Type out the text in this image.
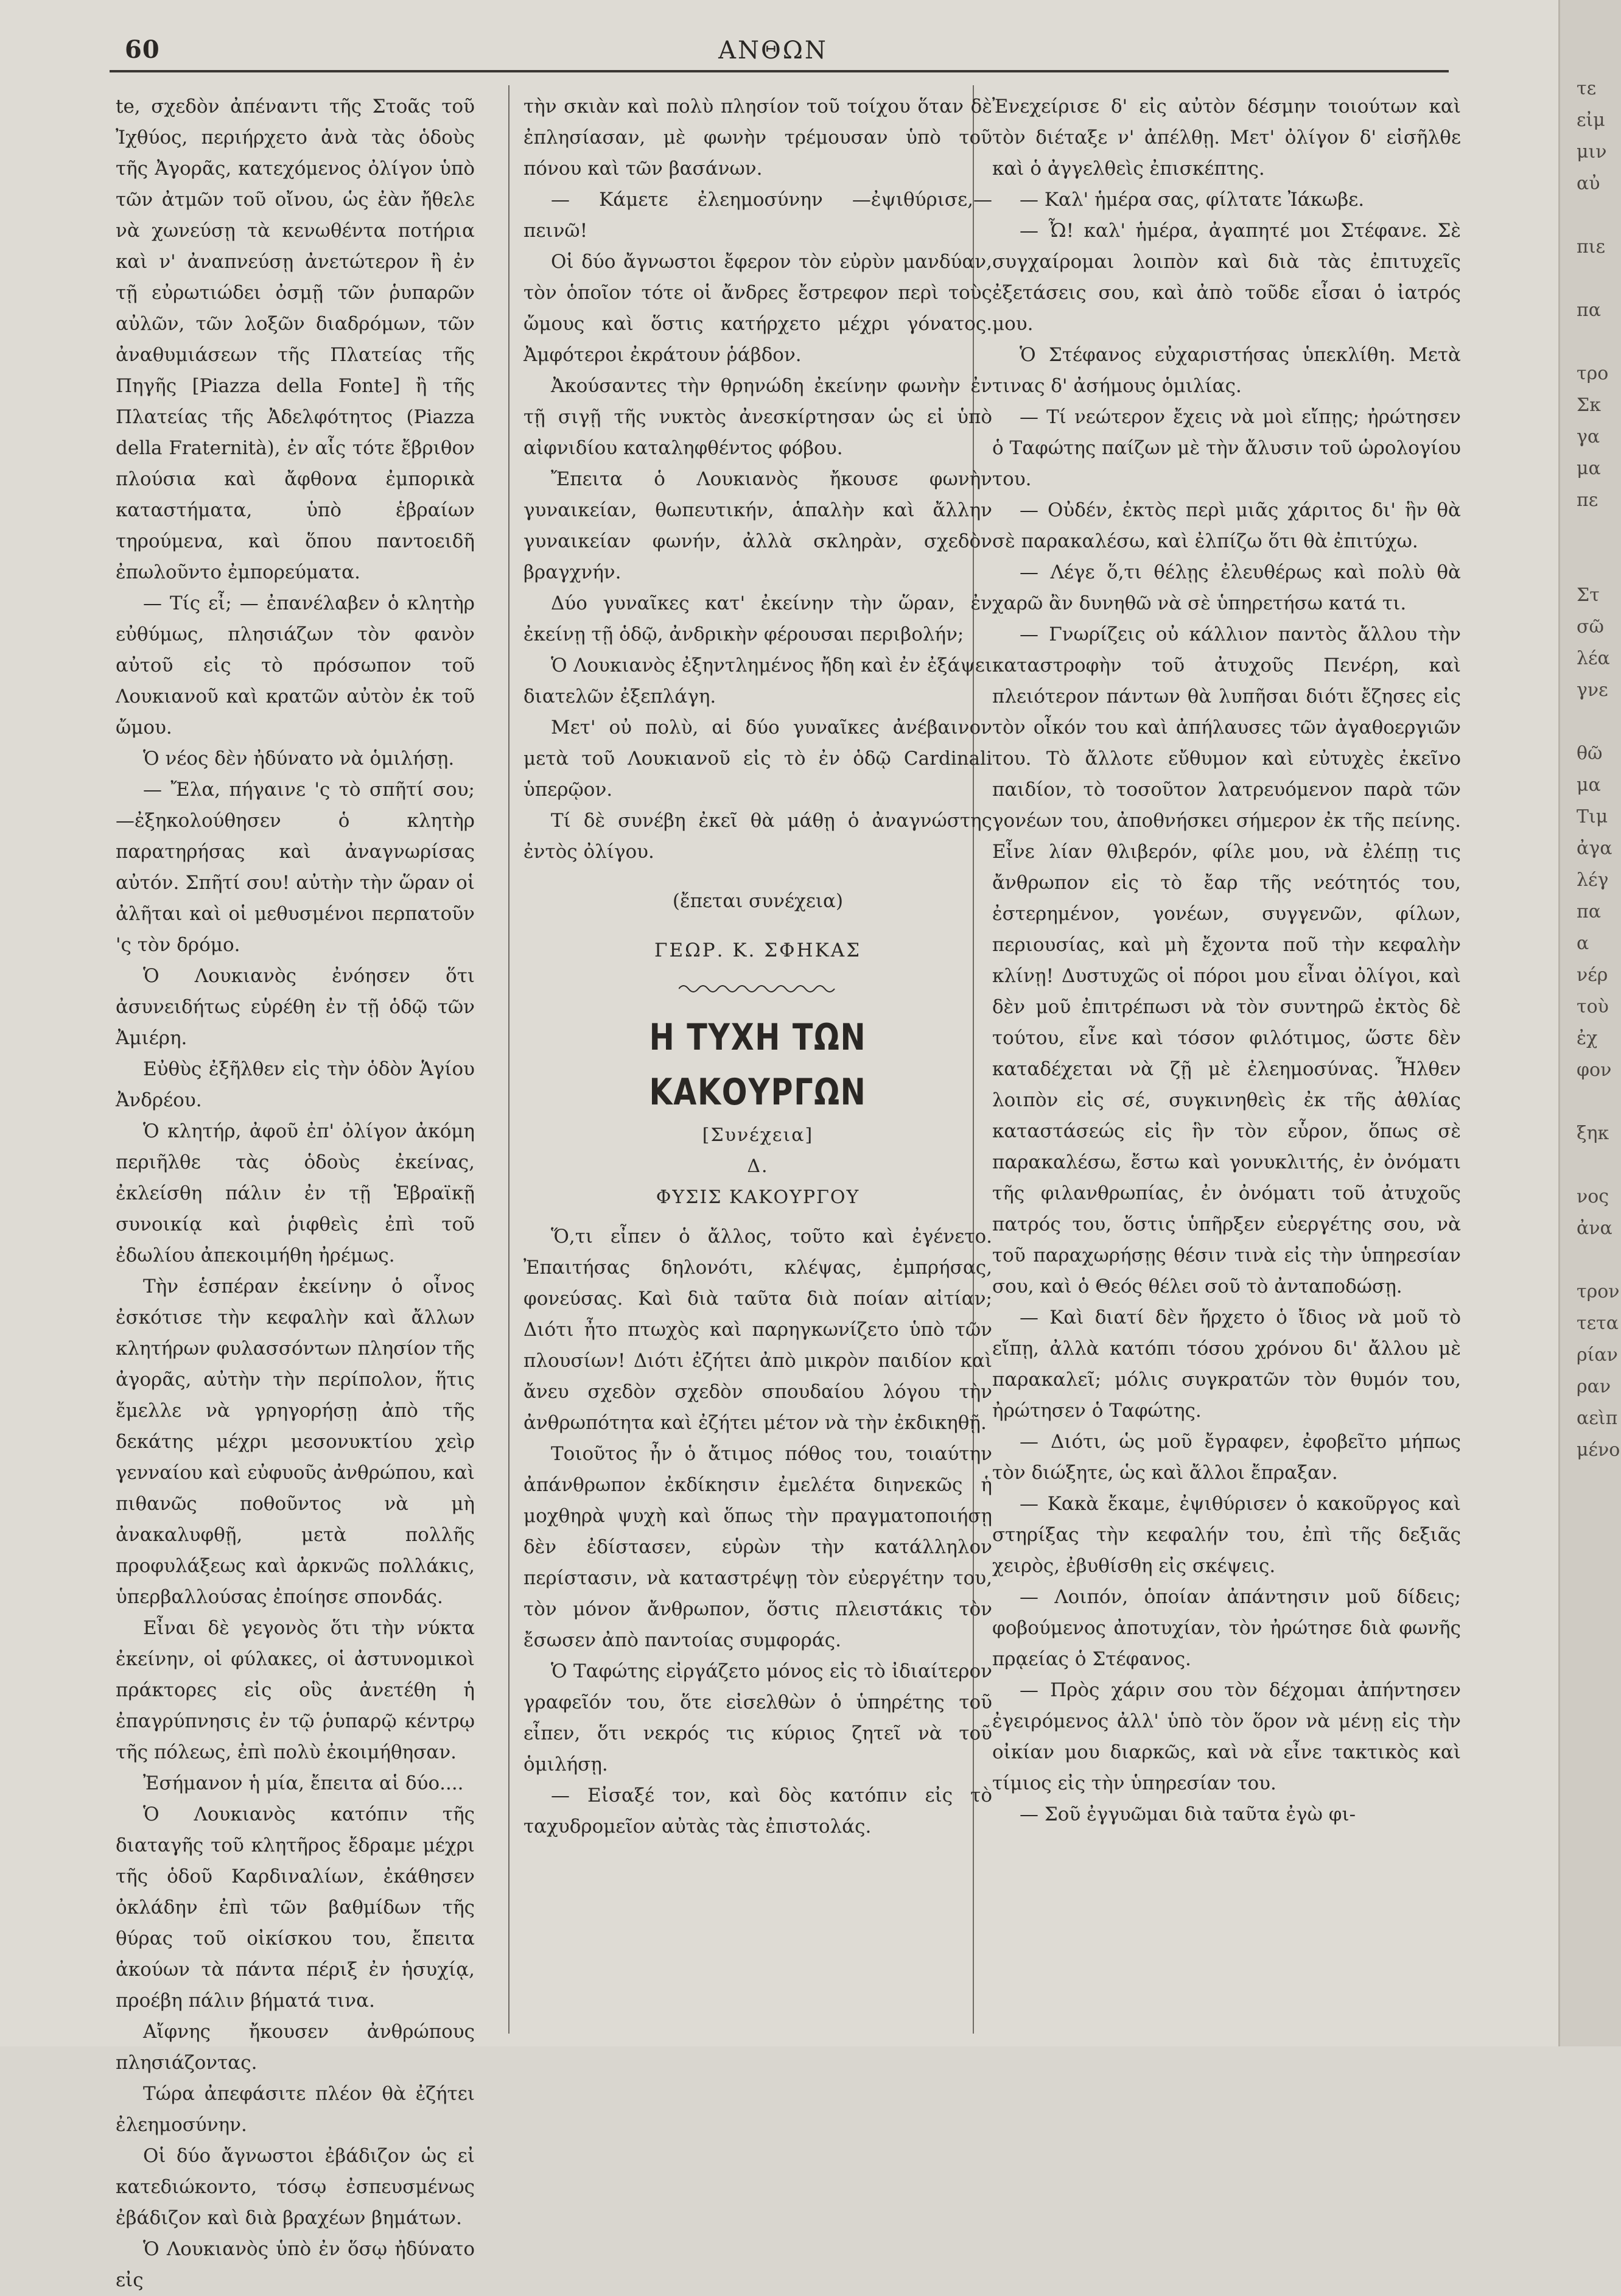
60	ΑΝΘΩΝ

te, σχεδὸν ἀπέναντι τῆς Στοᾶς τοῦ Ἰχθύος, περιήρχετο ἀνὰ τὰς ὁδοὺς τῆς Ἀγορᾶς, κατεχόμενος ὀλίγον ὑπὸ τῶν ἀτμῶν τοῦ οἴνου, ὡς ἐὰν ἤθελε νὰ χωνεύσῃ τὰ κενωθέντα ποτήρια καὶ ν' ἀναπνεύσῃ ἀνετώτερον ἢ ἐν τῇ εὐρωτιώδει ὀσμῇ τῶν ῥυπαρῶν αὐλῶν, τῶν λοξῶν διαδρόμων, τῶν ἀναθυμιάσεων τῆς Πλατείας τῆς Πηγῆς [Piazza della Fonte] ἢ τῆς Πλατείας τῆς Ἀδελφότητος (Piazza della Fraternità), ἐν αἷς τότε ἔβριθον πλούσια καὶ ἄφθονα ἐμπορικὰ καταστήματα, ὑπὸ ἑβραίων τηρούμενα, καὶ ὅπου παντοειδῆ ἐπωλοῦντο ἐμπορεύματα.

— Τίς εἶ; — ἐπανέλαβεν ὁ κλητὴρ εὐθύμως, πλησιάζων τὸν φανὸν αὐτοῦ εἰς τὸ πρόσωπον τοῦ Λουκιανοῦ καὶ κρατῶν αὐτὸν ἐκ τοῦ ὤμου.

Ὁ νέος δὲν ἠδύνατο νὰ ὁμιλήσῃ.

— Ἔλα, πήγαινε 'ς τὸ σπῆτί σου; —ἐξηκολούθησεν ὁ κλητὴρ παρατηρήσας καὶ ἀναγνωρίσας αὐτόν. Σπῆτί σου! αὐτὴν τὴν ὥραν οἱ ἀλῆται καὶ οἱ μεθυσμένοι περπατοῦν 'ς τὸν δρόμο.

Ὁ Λουκιανὸς ἐνόησεν ὅτι ἀσυνειδήτως εὑρέθη ἐν τῇ ὁδῷ τῶν Ἀμιέρη.

Εὐθὺς ἐξῆλθεν εἰς τὴν ὁδὸν Ἁγίου Ἀνδρέου.

Ὁ κλητήρ, ἀφοῦ ἐπ' ὀλίγον ἀκόμη περιῆλθε τὰς ὁδοὺς ἐκείνας, ἐκλείσθη πάλιν ἐν τῇ Ἑβραϊκῇ συνοικίᾳ καὶ ῥιφθεὶς ἐπὶ τοῦ ἐδωλίου ἀπεκοιμήθη ἠρέμως.

Τὴν ἑσπέραν ἐκείνην ὁ οἶνος ἐσκότισε τὴν κεφαλὴν καὶ ἄλλων κλητήρων φυλασσόντων πλησίον τῆς ἀγορᾶς, αὐτὴν τὴν περίπολον, ἥτις ἔμελλε νὰ γρηγορήσῃ ἀπὸ τῆς δεκάτης μέχρι μεσονυκτίου χεὶρ γενναίου καὶ εὐφυοῦς ἀνθρώπου, καὶ πιθανῶς ποθοῦντος νὰ μὴ ἀνακαλυφθῇ, μετὰ πολλῆς προφυλάξεως καὶ ἀρκνῶς πολλάκις, ὑπερβαλλούσας ἐποίησε σπονδάς.

Εἶναι δὲ γεγονὸς ὅτι τὴν νύκτα ἐκείνην, οἱ φύλακες, οἱ ἀστυνομικοὶ πράκτορες εἰς οὓς ἀνετέθη ἡ ἐπαγρύπνησις ἐν τῷ ῥυπαρῷ κέντρῳ τῆς πόλεως, ἐπὶ πολὺ ἐκοιμήθησαν.

Ἐσήμανον ἡ μία, ἔπειτα αἱ δύο....

Ὁ Λουκιανὸς κατόπιν τῆς διαταγῆς τοῦ κλητῆρος ἔδραμε μέχρι τῆς ὁδοῦ Καρδιναλίων, ἐκάθησεν ὀκλάδην ἐπὶ τῶν βαθμίδων τῆς θύρας τοῦ οἰκίσκου του, ἔπειτα ἀκούων τὰ πάντα πέριξ ἐν ἡσυχίᾳ, προέβη πάλιν βήματά τινα.

Αἴφνης ἤκουσεν ἀνθρώπους πλησιάζοντας.

Τώρα ἀπεφάσιτε πλέον θὰ ἐζήτει ἐλεημοσύνην.

Οἱ δύο ἄγνωστοι ἐβάδιζον ὡς εἰ κατεδιώκοντο, τόσῳ ἐσπευσμένως ἐβάδιζον καὶ διὰ βραχέων βημάτων.

Ὁ Λουκιανὸς ὑπὸ ἐν ὅσῳ ἠδύνατο εἰς

τὴν σκιὰν καὶ πολὺ πλησίον τοῦ τοίχου ὅταν δὲ ἐπλησίασαν, μὲ φωνὴν τρέμουσαν ὑπὸ τοῦ πόνου καὶ τῶν βασάνων.

— Κάμετε ἐλεημοσύνην —ἐψιθύρισε,— πεινῶ!

Οἱ δύο ἄγνωστοι ἔφερον τὸν εὐρὺν μανδύαν, τὸν ὁποῖον τότε οἱ ἄνδρες ἔστρεφον περὶ τοὺς ὤμους καὶ ὅστις κατήρχετο μέχρι γόνατος. Ἀμφότεροι ἐκράτουν ῥάβδον.

Ἀκούσαντες τὴν θρηνώδη ἐκείνην φωνὴν ἐν τῇ σιγῇ τῆς νυκτὸς ἀνεσκίρτησαν ὡς εἰ ὑπὸ αἰφνιδίου καταληφθέντος φόβου.

Ἔπειτα ὁ Λουκιανὸς ἤκουσε φωνὴν γυναικείαν, θωπευτικήν, ἁπαλὴν καὶ ἄλλην γυναικείαν φωνήν, ἀλλὰ σκληρὰν, σχεδὸν βραγχνήν.

Δύο γυναῖκες κατ' ἐκείνην τὴν ὥραν, ἐν ἐκείνῃ τῇ ὁδῷ, ἀνδρικὴν φέρουσαι περιβολήν;

Ὁ Λουκιανὸς ἐξηντλημένος ἤδη καὶ ἐν ἐξάψει διατελῶν ἐξεπλάγη.

Μετ' οὐ πολὺ, αἱ δύο γυναῖκες ἀνέβαινον μετὰ τοῦ Λουκιανοῦ εἰς τὸ ἐν ὁδῷ Cardinali ὑπερῷον.

Τί δὲ συνέβη ἐκεῖ θὰ μάθῃ ὁ ἀναγνώστης ἐντὸς ὀλίγου.

(ἔπεται συνέχεια)

ΓΕΩΡ. Κ. ΣΦΗΚΑΣ

Η ΤΥΧΗ ΤΩΝ ΚΑΚΟΥΡΓΩΝ

[Συνέχεια]

Δ.

ΦΥΣΙΣ ΚΑΚΟΥΡΓΟΥ

Ὅ,τι εἶπεν ὁ ἄλλος, τοῦτο καὶ ἐγένετο. Ἐπαιτήσας δηλονότι, κλέψας, ἐμπρήσας, φονεύσας. Καὶ διὰ ταῦτα διὰ ποίαν αἰτίαν; Διότι ἦτο πτωχὸς καὶ παρηγκωνίζετο ὑπὸ τῶν πλουσίων! Διότι ἐζήτει ἀπὸ μικρὸν παιδίον καὶ ἄνευ σχεδὸν σχεδὸν σπουδαίου λόγου τὴν ἀνθρωπότητα καὶ ἐζήτει μέτον νὰ τὴν ἐκδικηθῇ.

Τοιοῦτος ἦν ὁ ἄτιμος πόθος του, τοιαύτην ἀπάνθρωπον ἐκδίκησιν ἐμελέτα διηνεκῶς ἡ μοχθηρὰ ψυχὴ καὶ ὅπως τὴν πραγματοποιήσῃ δὲν ἐδίστασεν, εὑρὼν τὴν κατάλληλον περίστασιν, νὰ καταστρέψῃ τὸν εὐεργέτην του, τὸν μόνον ἄνθρωπον, ὅστις πλειστάκις τὸν ἔσωσεν ἀπὸ παντοίας συμφοράς.

Ὁ Ταφώτης εἰργάζετο μόνος εἰς τὸ ἰδιαίτερον γραφεῖόν του, ὅτε εἰσελθὼν ὁ ὑπηρέτης τοῦ εἶπεν, ὅτι νεκρός τις κύριος ζητεῖ νὰ τοῦ ὁμιλήσῃ.

— Εἰσαξέ τον, καὶ δὸς κατόπιν εἰς τὸ ταχυδρομεῖον αὐτὰς τὰς ἐπιστολάς.

Ἐνεχείρισε δ' εἰς αὐτὸν δέσμην τοιούτων καὶ τὸν διέταξε ν' ἀπέλθῃ. Μετ' ὀλίγον δ' εἰσῆλθε καὶ ὁ ἀγγελθεὶς ἐπισκέπτης.

— Καλ' ἡμέρα σας, φίλτατε Ἰάκωβε.

— Ὦ! καλ' ἡμέρα, ἀγαπητέ μοι Στέφανε. Σὲ συγχαίρομαι λοιπὸν καὶ διὰ τὰς ἐπιτυχεῖς ἐξετάσεις σου, καὶ ἀπὸ τοῦδε εἶσαι ὁ ἰατρός μου.

Ὁ Στέφανος εὐχαριστήσας ὑπεκλίθη. Μετὰ τινας δ' ἀσήμους ὁμιλίας.

— Τί νεώτερον ἔχεις νὰ μοὶ εἴπῃς; ἠρώτησεν ὁ Ταφώτης παίζων μὲ τὴν ἄλυσιν τοῦ ὡρολογίου του.

— Οὐδέν, ἐκτὸς περὶ μιᾶς χάριτος δι' ἣν θὰ σὲ παρακαλέσω, καὶ ἐλπίζω ὅτι θὰ ἐπιτύχω.

— Λέγε ὅ,τι θέλῃς ἐλευθέρως καὶ πολὺ θὰ χαρῶ ἂν δυνηθῶ νὰ σὲ ὑπηρετήσω κατά τι.

— Γνωρίζεις οὐ κάλλιον παντὸς ἄλλου τὴν καταστροφὴν τοῦ ἀτυχοῦς Πενέρη, καὶ πλειότερον πάντων θὰ λυπῆσαι διότι ἔζησες εἰς τὸν οἶκόν του καὶ ἀπήλαυσες τῶν ἀγαθοεργιῶν του. Τὸ ἄλλοτε εὔθυμον καὶ εὐτυχὲς ἐκεῖνο παιδίον, τὸ τοσοῦτον λατρευόμενον παρὰ τῶν γονέων του, ἀποθνήσκει σήμερον ἐκ τῆς πείνης. Εἶνε λίαν θλιβερόν, φίλε μου, νὰ ἐλέπῃ τις ἄνθρωπον εἰς τὸ ἔαρ τῆς νεότητός του, ἐστερημένον, γονέων, συγγενῶν, φίλων, περιουσίας, καὶ μὴ ἔχοντα ποῦ τὴν κεφαλὴν κλίνῃ! Δυστυχῶς οἱ πόροι μου εἶναι ὀλίγοι, καὶ δὲν μοῦ ἐπιτρέπωσι νὰ τὸν συντηρῶ ἐκτὸς δὲ τούτου, εἶνε καὶ τόσον φιλότιμος, ὥστε δὲν καταδέχεται νὰ ζῇ μὲ ἐλεημοσύνας. Ἦλθεν λοιπὸν εἰς σέ, συγκινηθεὶς ἐκ τῆς ἀθλίας καταστάσεώς εἰς ἣν τὸν εὗρον, ὅπως σὲ παρακαλέσω, ἔστω καὶ γονυκλιτής, ἐν ὀνόματι τῆς φιλανθρωπίας, ἐν ὀνόματι τοῦ ἀτυχοῦς πατρός του, ὅστις ὑπῆρξεν εὐεργέτης σου, νὰ τοῦ παραχωρήσῃς θέσιν τινὰ εἰς τὴν ὑπηρεσίαν σου, καὶ ὁ Θεός θέλει σοῦ τὸ ἀνταποδώσῃ.

— Καὶ διατί δὲν ἤρχετο ὁ ἴδιος νὰ μοῦ τὸ εἴπῃ, ἀλλὰ κατόπι τόσου χρόνου δι' ἄλλου μὲ παρακαλεῖ; μόλις συγκρατῶν τὸν θυμόν του, ἠρώτησεν ὁ Ταφώτης.

— Διότι, ὡς μοῦ ἔγραφεν, ἐφοβεῖτο μήπως τὸν διώξητε, ὡς καὶ ἄλλοι ἔπραξαν.

— Κακὰ ἔκαμε, ἐψιθύρισεν ὁ κακοῦργος καὶ στηρίξας τὴν κεφαλήν του, ἐπὶ τῆς δεξιᾶς χειρὸς, ἐβυθίσθη εἰς σκέψεις.

— Λοιπόν, ὁποίαν ἀπάντησιν μοῦ δίδεις; φοβούμενος ἀποτυχίαν, τὸν ἠρώτησε διὰ φωνῆς πρᾳείας ὁ Στέφανος.

— Πρὸς χάριν σου τὸν δέχομαι ἀπήντησεν ἐγειρόμενος ἀλλ' ὑπὸ τὸν ὅρον νὰ μένῃ εἰς τὴν οἰκίαν μου διαρκῶς, καὶ νὰ εἶνε τακτικὸς καὶ τίμιος εἰς τὴν ὑπηρεσίαν του.

— Σοῦ ἐγγυῶμαι διὰ ταῦτα ἐγὼ φι-

τε
εἰμ
μιν
αὐ

πιε

πα

τρο
Σκ
γα
μα
πε

Στ
σῶ
λέα
γνε

θῶ
μα
Τιμ
ἀγα
λέγ
πα
α
νέρ
τοὺ
ἐχ
φον

ξηκ

νος
ἀνα

τρον
τετα
ρίαν
ραν
αεὶπ
μένο
